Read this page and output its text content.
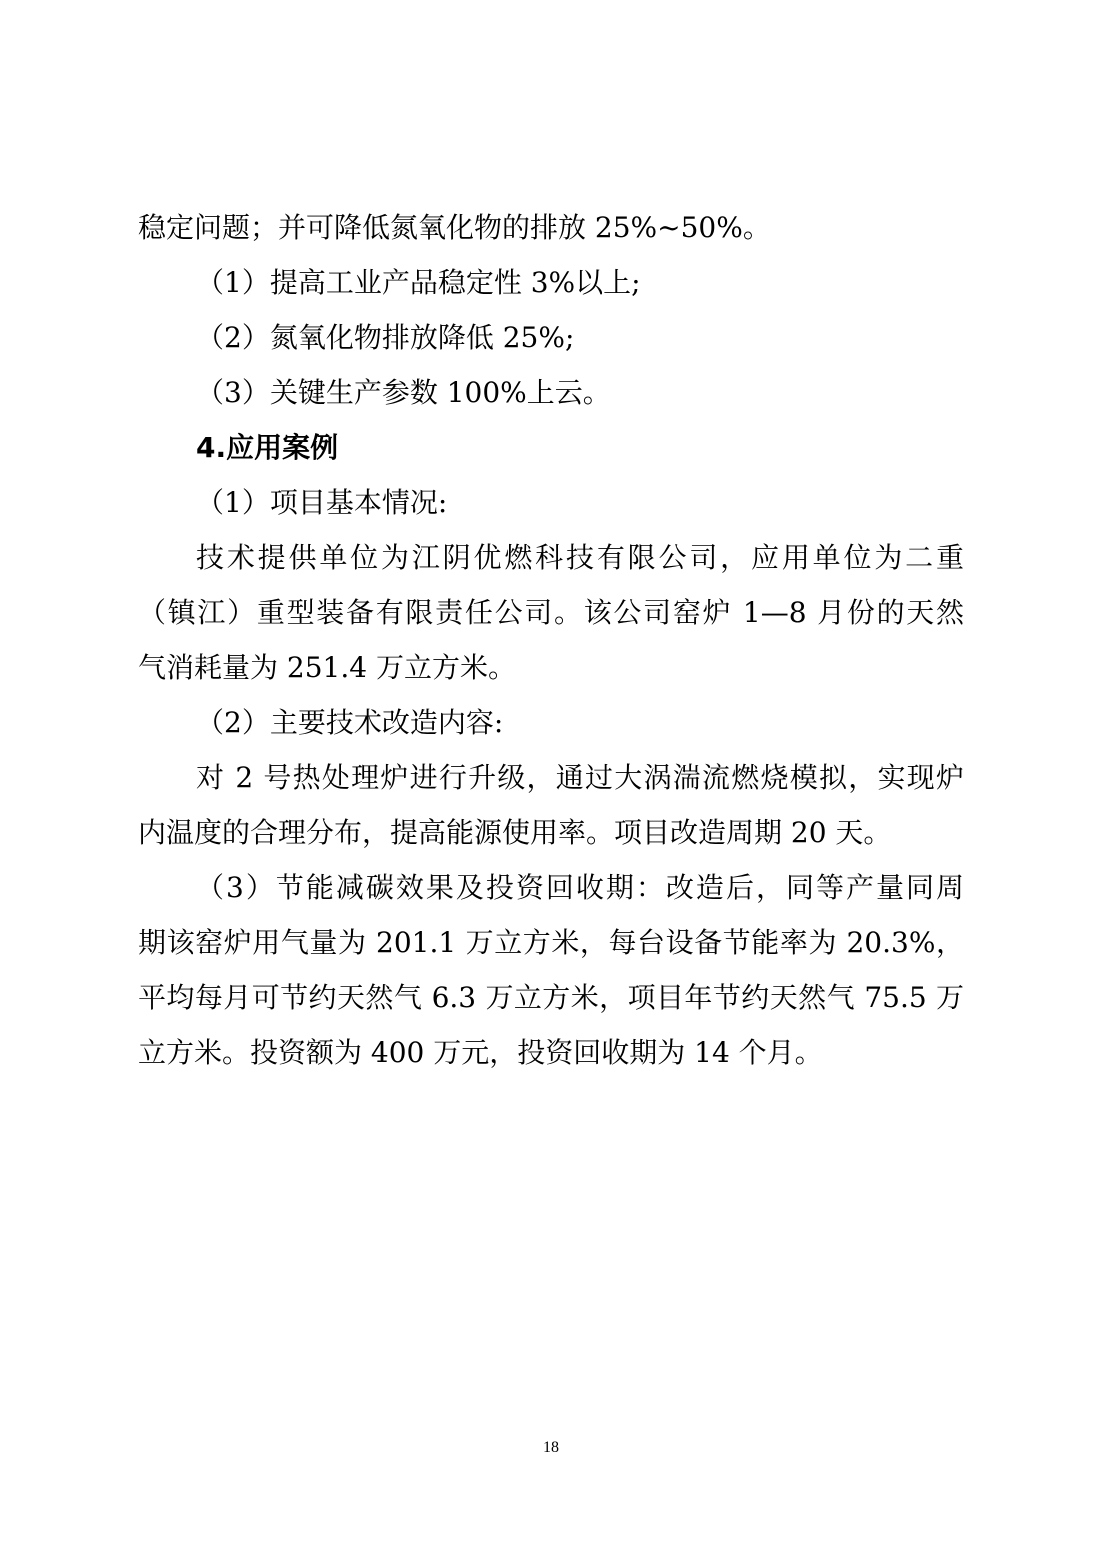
稳定问题；并可降低氮氧化物的排放 25%~50%。
（1）提高工业产品稳定性 3%以上;
（2）氮氧化物排放降低 25%;
（3）关键生产参数 100%上云。
4.应用案例
（1）项目基本情况:
技术提供单位为江阴优燃科技有限公司，应用单位为二重
（镇江）重型装备有限责任公司。该公司窑炉 1—8 月份的天然
气消耗量为 251.4 万立方米。
（2）主要技术改造内容:
对 2 号热处理炉进行升级，通过大涡湍流燃烧模拟，实现炉
内温度的合理分布，提高能源使用率。项目改造周期 20 天。
（3）节能减碳效果及投资回收期：改造后，同等产量同周
期该窑炉用气量为 201.1 万立方米，每台设备节能率为 20.3%，
平均每月可节约天然气 6.3 万立方米，项目年节约天然气 75.5 万
立方米。投资额为 400 万元，投资回收期为 14 个月。
18
